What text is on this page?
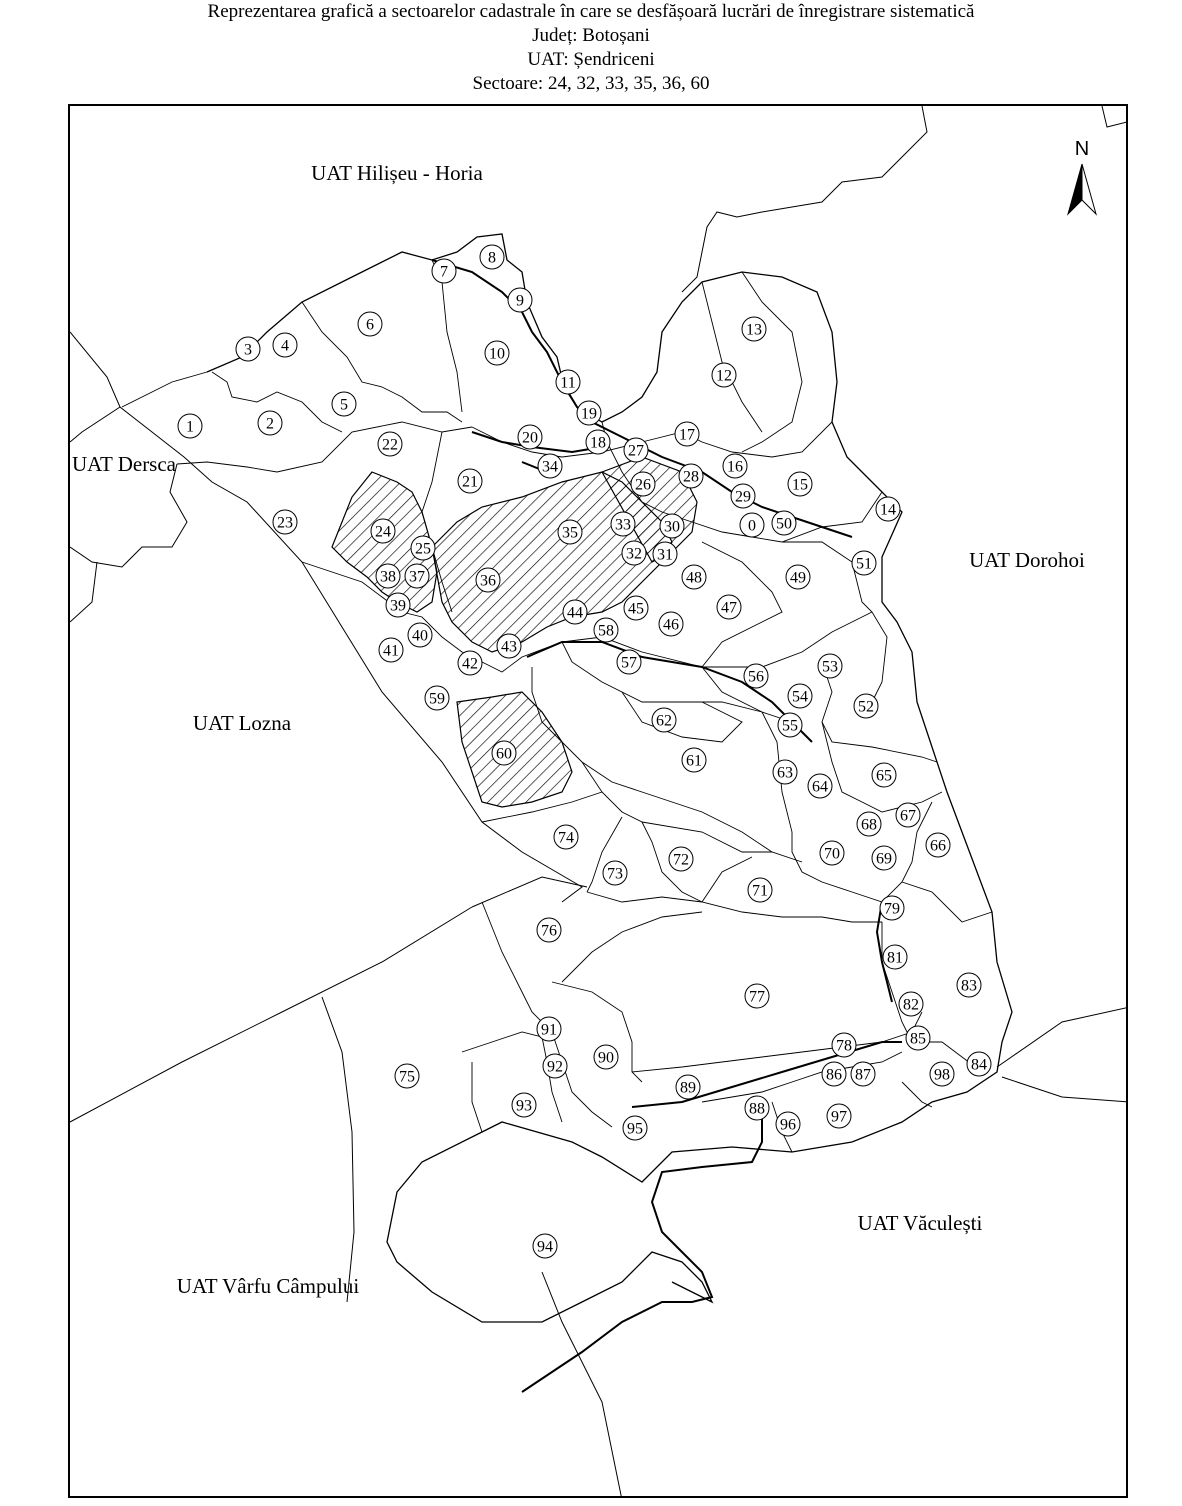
Reprezentarea grafică a sectoarelor cadastrale în care se desfășoară lucrări de înregistrare sistematică
Județ: Botoșani
UAT: Șendriceni
Sectoare: 24, 32, 33, 35, 36, 60
0
1	2
3 4
5
6
7
8
9
10
11	12
13
14
15
16
17
18
19
20
21
22
23
24
25
26
27
28
29
30
31
32
33
34
35
36
37
38
39
40
41
42
43
44	45
46
47
48	49
50
51
52
53
54
55
56
57
58
59
60	61
62
63
64
65
66
67
68
69
70
71
72
73
74
75
76
77
78
79
81
82
83
84
85
86 87
88
89
90
91
92
93
94
95	96 97
98
UAT Hilișeu - Horia
UAT Dersca
UAT Dorohoi
UAT Lozna
UAT Văculești
UAT Vârfu Câmpului
N
